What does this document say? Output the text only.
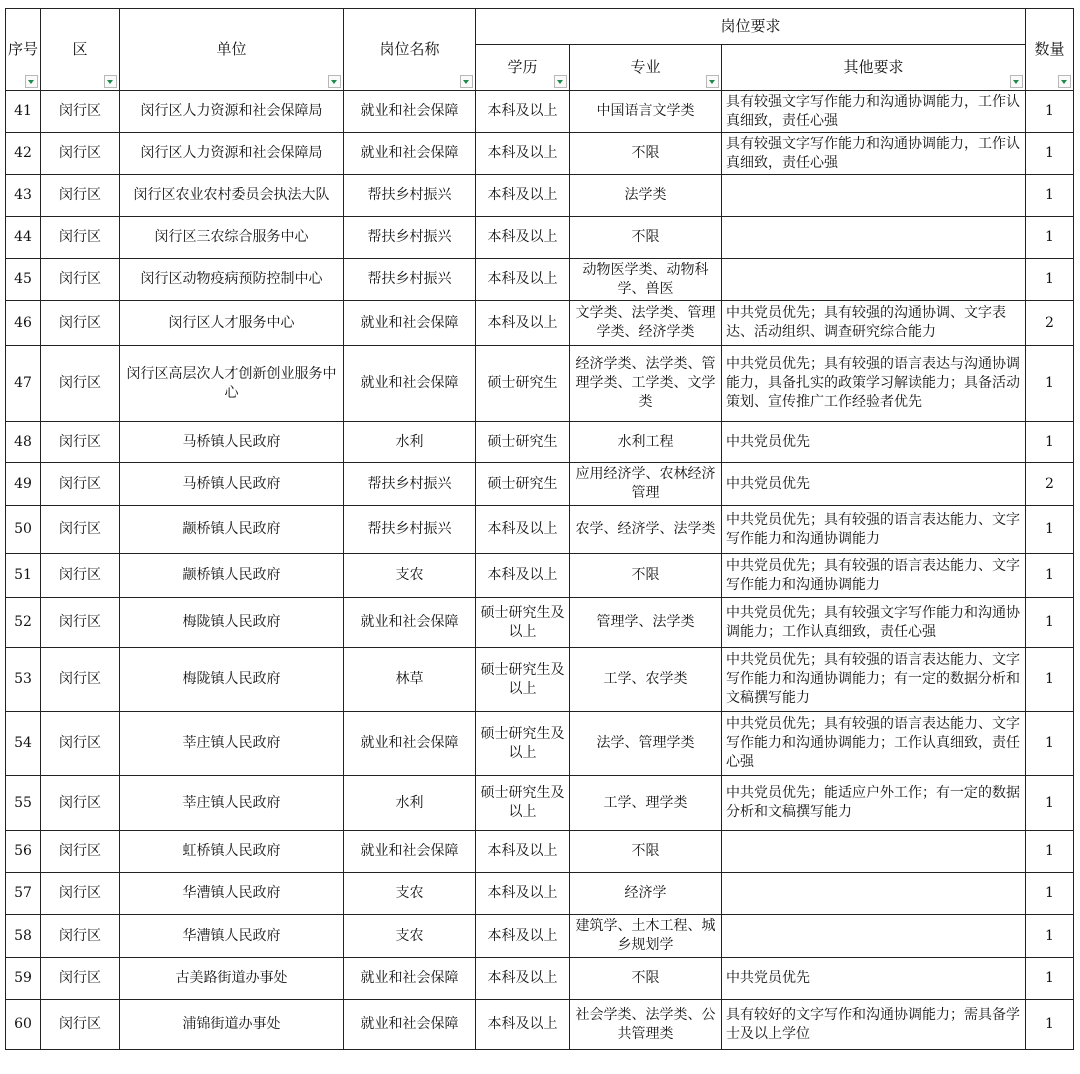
序号	区	单位	岗位名称	岗位要求			数量

				学历	专业	其他要求	

41	闵行区	闵行区人力资源和社会保障局	就业和社会保障	本科及以上	中国语言文学类	具有较强文字写作能力和沟通协调能力，工作认真细致，责任心强	1
42	闵行区	闵行区人力资源和社会保障局	就业和社会保障	本科及以上	不限	具有较强文字写作能力和沟通协调能力，工作认真细致，责任心强	1
43	闵行区	闵行区农业农村委员会执法大队	帮扶乡村振兴	本科及以上	法学类		1
44	闵行区	闵行区三农综合服务中心	帮扶乡村振兴	本科及以上	不限		1
45	闵行区	闵行区动物疫病预防控制中心	帮扶乡村振兴	本科及以上	动物医学类、动物科学、兽医		1
46	闵行区	闵行区人才服务中心	就业和社会保障	本科及以上	文学类、法学类、管理学类、经济学类	中共党员优先；具有较强的沟通协调、文字表达、活动组织、调查研究综合能力	2
47	闵行区	闵行区高层次人才创新创业服务中心	就业和社会保障	硕士研究生	经济学类、法学类、管理学类、工学类、文学类	中共党员优先；具有较强的语言表达与沟通协调能力，具备扎实的政策学习解读能力；具备活动策划、宣传推广工作经验者优先	1
48	闵行区	马桥镇人民政府	水利	硕士研究生	水利工程	中共党员优先	1
49	闵行区	马桥镇人民政府	帮扶乡村振兴	硕士研究生	应用经济学、农林经济管理	中共党员优先	2
50	闵行区	颛桥镇人民政府	帮扶乡村振兴	本科及以上	农学、经济学、法学类	中共党员优先；具有较强的语言表达能力、文字写作能力和沟通协调能力	1
51	闵行区	颛桥镇人民政府	支农	本科及以上	不限	中共党员优先；具有较强的语言表达能力、文字写作能力和沟通协调能力	1
52	闵行区	梅陇镇人民政府	就业和社会保障	硕士研究生及以上	管理学、法学类	中共党员优先；具有较强文字写作能力和沟通协调能力；工作认真细致，责任心强	1
53	闵行区	梅陇镇人民政府	林草	硕士研究生及以上	工学、农学类	中共党员优先；具有较强的语言表达能力、文字写作能力和沟通协调能力；有一定的数据分析和文稿撰写能力	1
54	闵行区	莘庄镇人民政府	就业和社会保障	硕士研究生及以上	法学、管理学类	中共党员优先；具有较强的语言表达能力、文字写作能力和沟通协调能力；工作认真细致，责任心强	1
55	闵行区	莘庄镇人民政府	水利	硕士研究生及以上	工学、理学类	中共党员优先；能适应户外工作；有一定的数据分析和文稿撰写能力	1
56	闵行区	虹桥镇人民政府	就业和社会保障	本科及以上	不限		1
57	闵行区	华漕镇人民政府	支农	本科及以上	经济学		1
58	闵行区	华漕镇人民政府	支农	本科及以上	建筑学、土木工程、城乡规划学		1
59	闵行区	古美路街道办事处	就业和社会保障	本科及以上	不限	中共党员优先	1
60	闵行区	浦锦街道办事处	就业和社会保障	本科及以上	社会学类、法学类、公共管理类	具有较好的文字写作和沟通协调能力；需具备学士及以上学位	1
